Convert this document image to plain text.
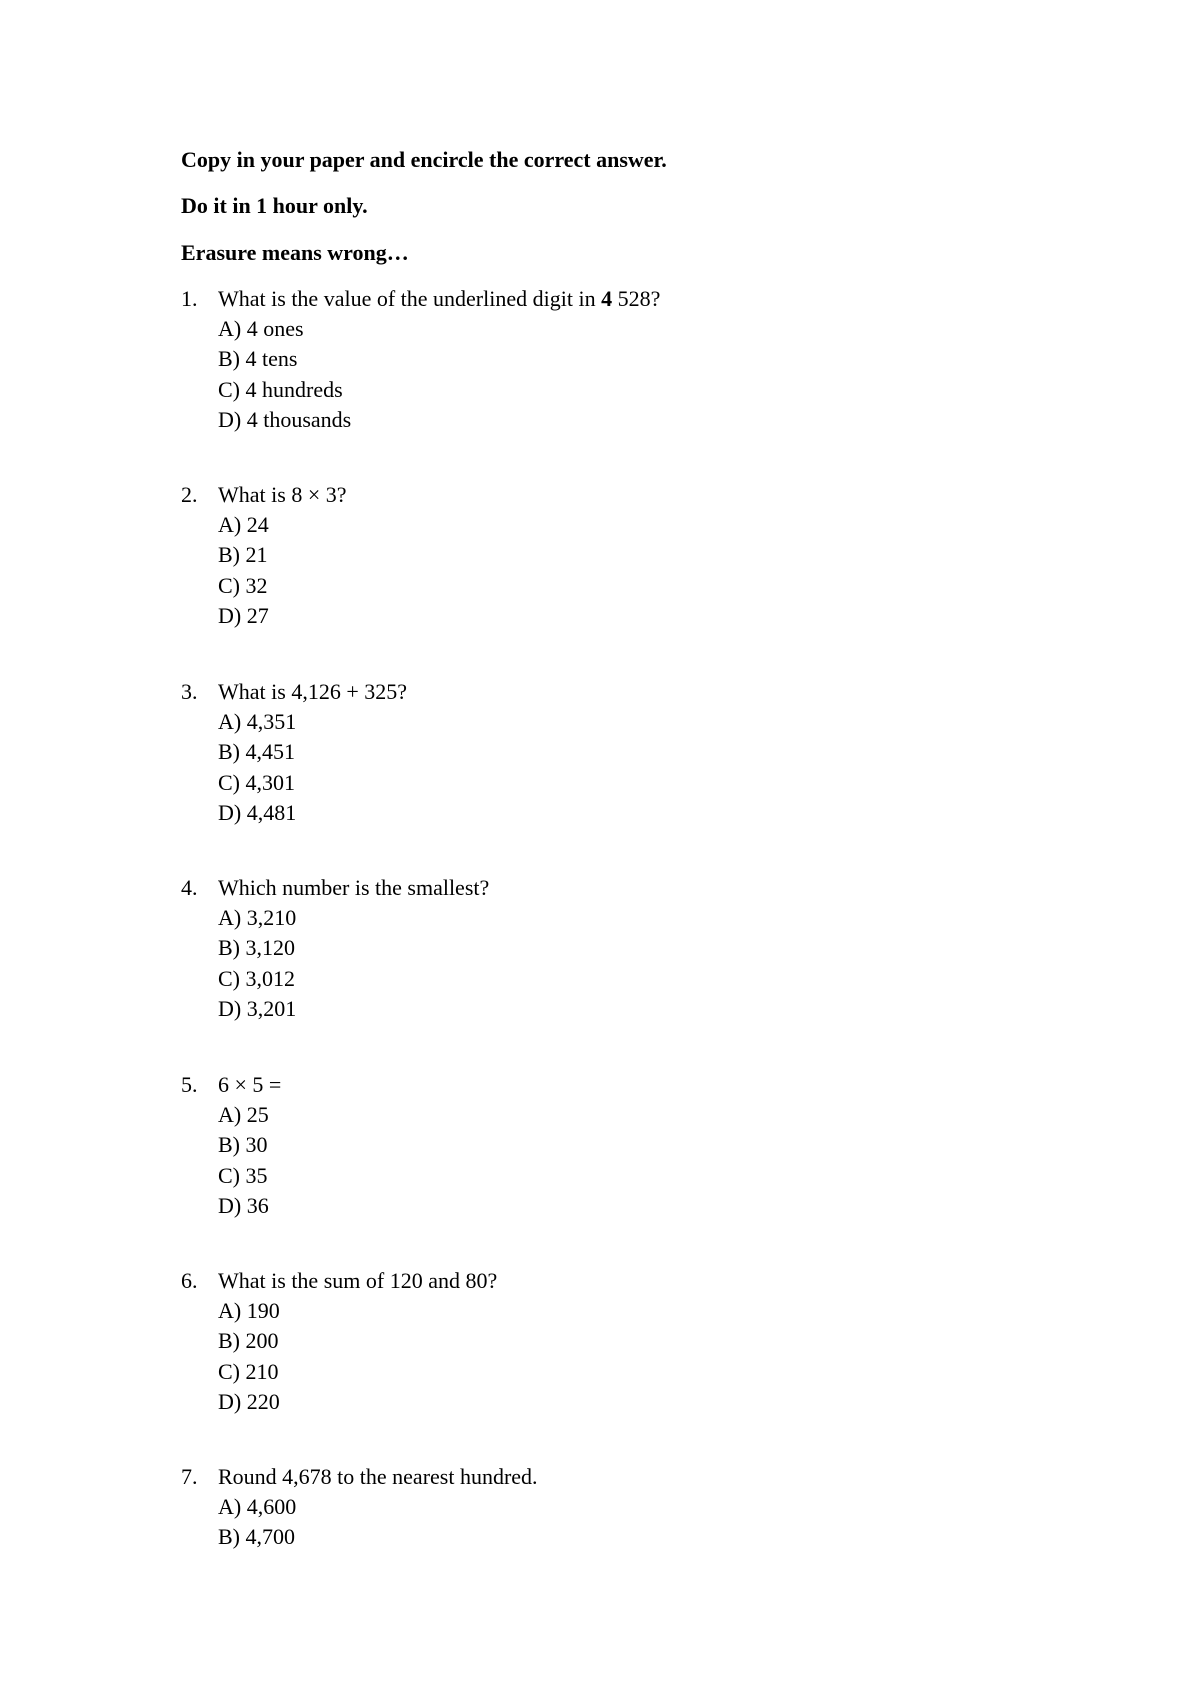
Copy in your paper and encircle the correct answer.
Do it in 1 hour only.
Erasure means wrong…
1. What is the value of the underlined digit in 4 528?
A) 4 ones
B) 4 tens
C) 4 hundreds
D) 4 thousands
2. What is 8 × 3?
A) 24
B) 21
C) 32
D) 27
3. What is 4,126 + 325?
A) 4,351
B) 4,451
C) 4,301
D) 4,481
4. Which number is the smallest?
A) 3,210
B) 3,120
C) 3,012
D) 3,201
5. 6 × 5 =
A) 25
B) 30
C) 35
D) 36
6. What is the sum of 120 and 80?
A) 190
B) 200
C) 210
D) 220
7. Round 4,678 to the nearest hundred.
A) 4,600
B) 4,700
